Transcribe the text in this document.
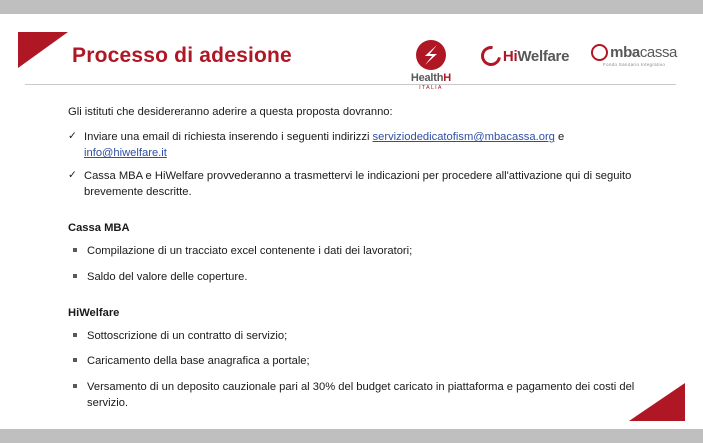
Processo di adesione
HealthH
ITALIA
HiWelfare	mbacassa
Fondo Sanitario Integrativo

Gli istituti che desidereranno aderire a questa proposta dovranno:

✓ Inviare una email di richiesta inserendo i seguenti indirizzi serviziodedicatofism@mbacassa.org e info@hiwelfare.it
✓ Cassa MBA e HiWelfare provvederanno a trasmettervi le indicazioni per procedere all'attivazione qui di seguito brevemente descritte.
Cassa MBA
Compilazione di un tracciato excel contenente i dati dei lavoratori;
Saldo del valore delle coperture.
HiWelfare
Sottoscrizione di un contratto di servizio;
Caricamento della base anagrafica a portale;
Versamento di un deposito cauzionale pari al 30% del budget caricato in piattaforma e pagamento dei costi del servizio.
